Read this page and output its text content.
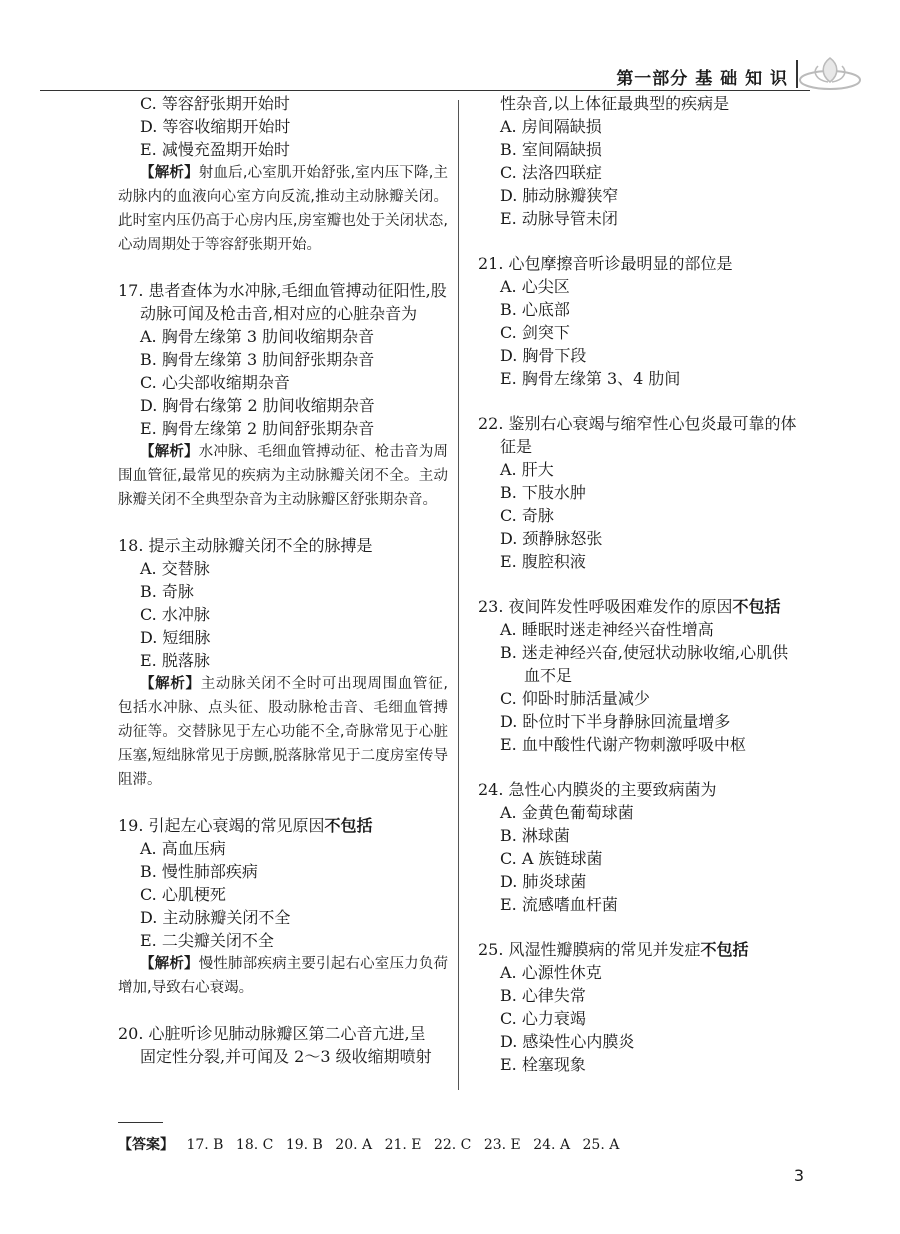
第一部分 基 础 知 识
C. 等容舒张期开始时
D. 等容收缩期开始时
E. 减慢充盈期开始时
【解析】射血后,心室肌开始舒张,室内压下降,主动脉内的血液向心室方向反流,推动主动脉瓣关闭。此时室内压仍高于心房内压,房室瓣也处于关闭状态,心动周期处于等容舒张期开始。
17. 患者查体为水冲脉,毛细血管搏动征阳性,股
动脉可闻及枪击音,相对应的心脏杂音为
A. 胸骨左缘第 3 肋间收缩期杂音
B. 胸骨左缘第 3 肋间舒张期杂音
C. 心尖部收缩期杂音
D. 胸骨右缘第 2 肋间收缩期杂音
E. 胸骨左缘第 2 肋间舒张期杂音
【解析】水冲脉、毛细血管搏动征、枪击音为周围血管征,最常见的疾病为主动脉瓣关闭不全。主动脉瓣关闭不全典型杂音为主动脉瓣区舒张期杂音。
18. 提示主动脉瓣关闭不全的脉搏是
A. 交替脉
B. 奇脉
C. 水冲脉
D. 短细脉
E. 脱落脉
【解析】主动脉关闭不全时可出现周围血管征,包括水冲脉、点头征、股动脉枪击音、毛细血管搏动征等。交替脉见于左心功能不全,奇脉常见于心脏压塞,短绌脉常见于房颤,脱落脉常见于二度房室传导阻滞。
19. 引起左心衰竭的常见原因不包括
A. 高血压病
B. 慢性肺部疾病
C. 心肌梗死
D. 主动脉瓣关闭不全
E. 二尖瓣关闭不全
【解析】慢性肺部疾病主要引起右心室压力负荷增加,导致右心衰竭。
20. 心脏听诊见肺动脉瓣区第二心音亢进,呈
固定性分裂,并可闻及 2～3 级收缩期喷射
性杂音,以上体征最典型的疾病是
A. 房间隔缺损
B. 室间隔缺损
C. 法洛四联症
D. 肺动脉瓣狭窄
E. 动脉导管未闭
21. 心包摩擦音听诊最明显的部位是
A. 心尖区
B. 心底部
C. 剑突下
D. 胸骨下段
E. 胸骨左缘第 3、4 肋间
22. 鉴别右心衰竭与缩窄性心包炎最可靠的体征是
A. 肝大
B. 下肢水肿
C. 奇脉
D. 颈静脉怒张
E. 腹腔积液
23. 夜间阵发性呼吸困难发作的原因不包括
A. 睡眠时迷走神经兴奋性增高
B. 迷走神经兴奋,使冠状动脉收缩,心肌供
血不足
C. 仰卧时肺活量减少
D. 卧位时下半身静脉回流量增多
E. 血中酸性代谢产物刺激呼吸中枢
24. 急性心内膜炎的主要致病菌为
A. 金黄色葡萄球菌
B. 淋球菌
C. A 族链球菌
D. 肺炎球菌
E. 流感嗜血杆菌
25. 风湿性瓣膜病的常见并发症不包括
A. 心源性休克
B. 心律失常
C. 心力衰竭
D. 感染性心内膜炎
E. 栓塞现象
【答案】 17. B 18. C 19. B 20. A 21. E 22. C 23. E 24. A 25. A
3
